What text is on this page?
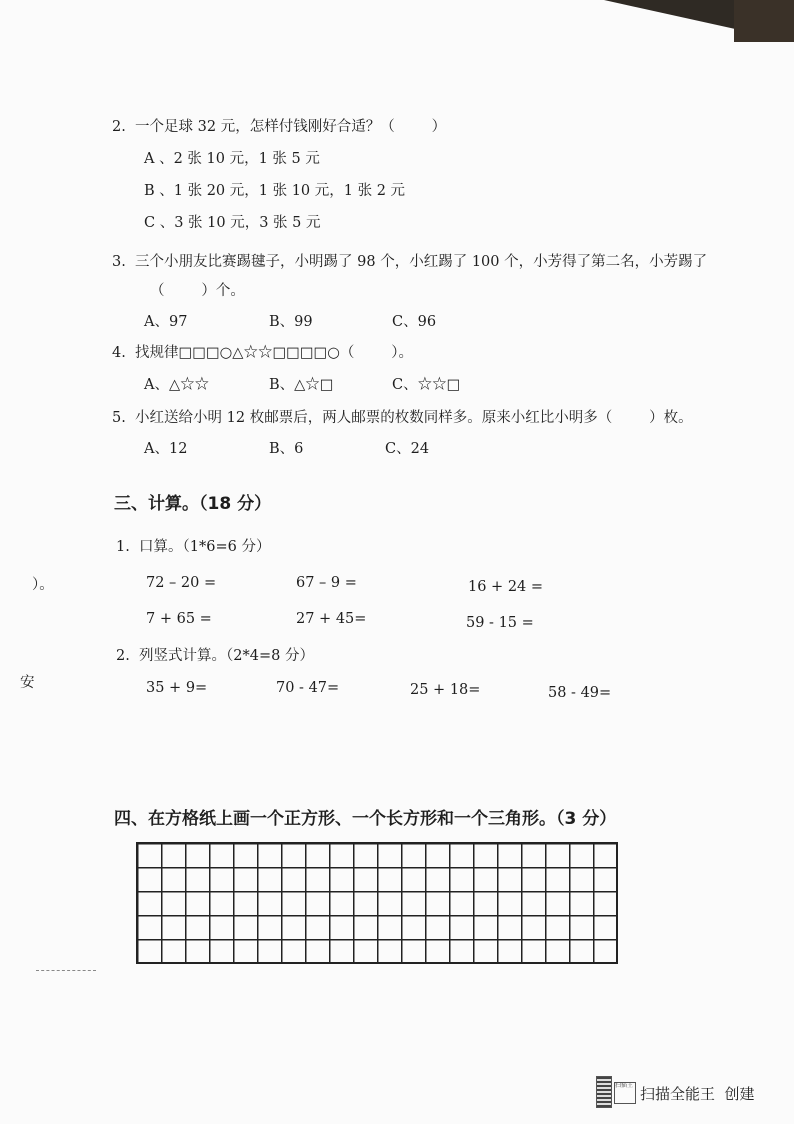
2.  一个足球 32 元，怎样付钱刚好合适？（        ）
A 、2 张 10 元，1 张 5 元
B 、1 张 20 元，1 张 10 元，1 张 2 元
C 、3 张 10 元，3 张 5 元
3.  三个小朋友比赛踢毽子，小明踢了 98 个，小红踢了 100 个，小芳得了第二名，小芳踢了
（        ）个。
A、97	B、99	C、96
4.  找规律□□□○△☆☆□□□□○（        ）。
A、△☆☆	B、△☆□	C、☆☆□
5.  小红送给小明 12 枚邮票后，两人邮票的枚数同样多。原来小红比小明多（        ）枚。
A、12	B、6	C、24
三、计算。（18 分）
1.  口算。（1*6=6 分）
72 – 20 =	67 – 9 =	16 + 24 =
7 + 65 =	27 + 45=	59 - 15 =
2.  列竖式计算。（2*4=8 分）
35 + 9=	70 - 47=	25 + 18=	58 - 49=
）。
安
四、在方格纸上画一个正方形、一个长方形和一个三角形。（3 分）
扫描王 扫描全能王  创建
